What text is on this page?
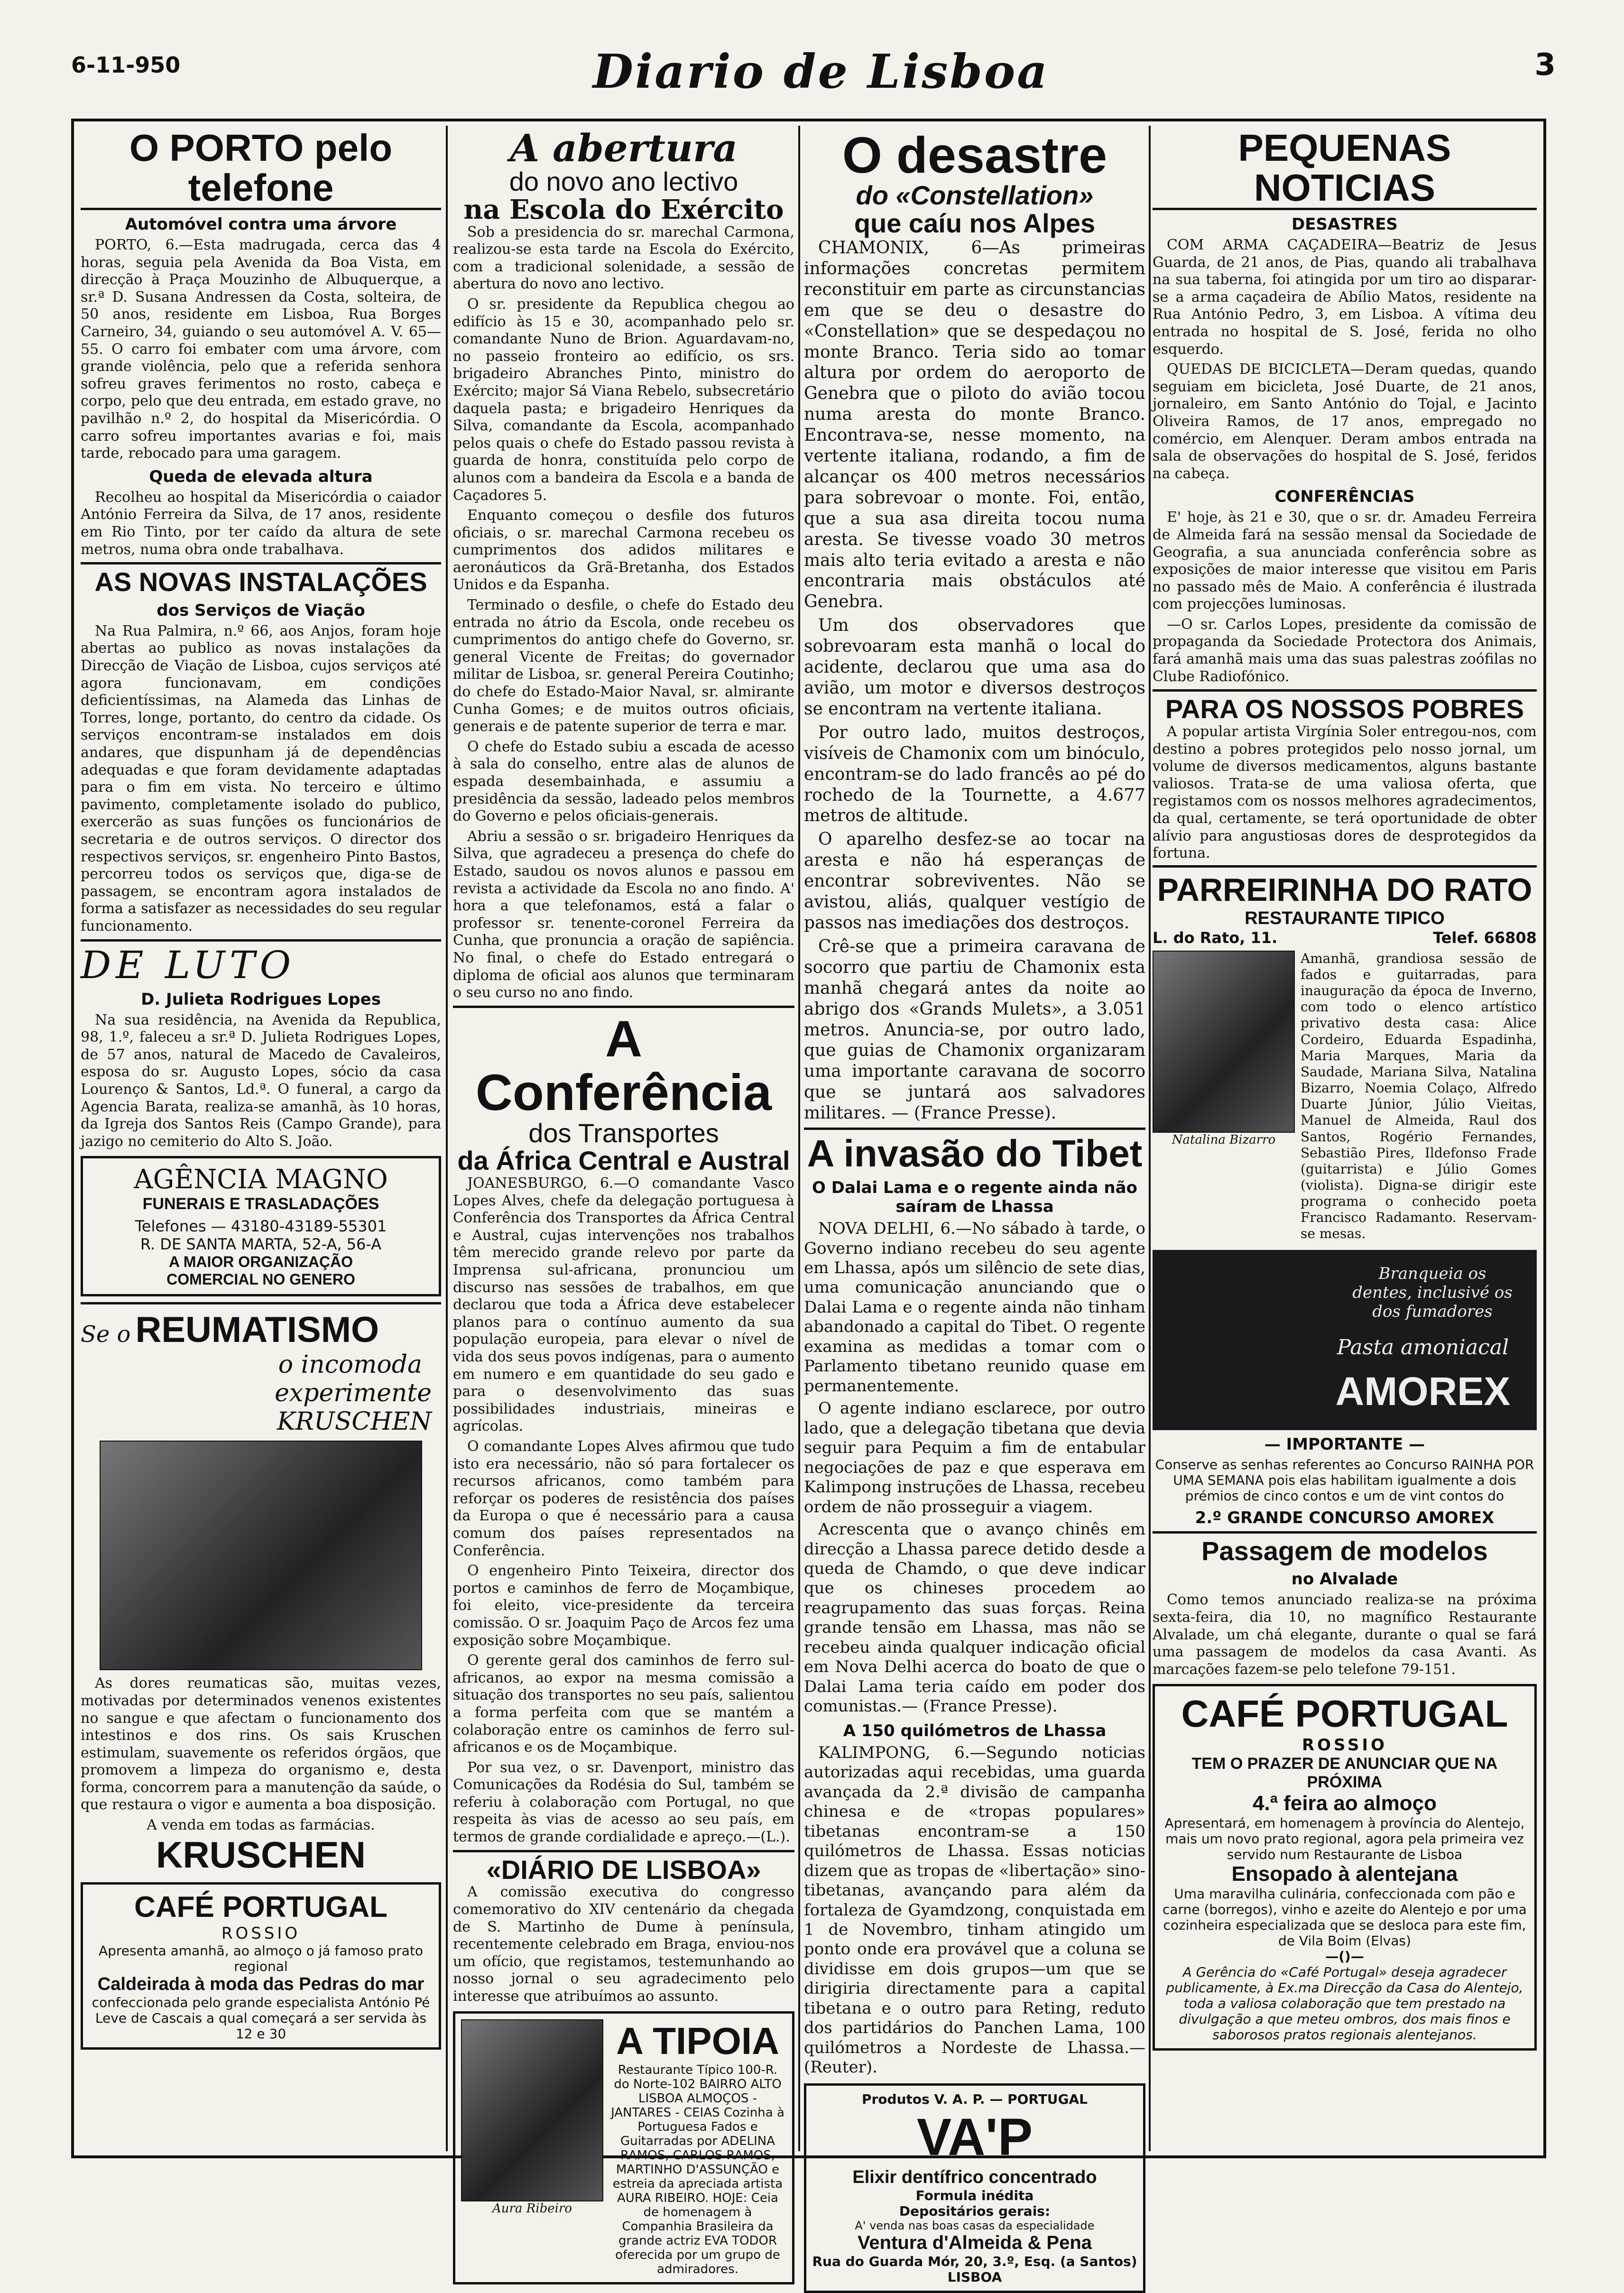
6-11-950	Diario de Lisboa	3
O PORTO pelo telefone
Automóvel contra uma árvore

PORTO, 6.—Esta madrugada, cerca das 4 horas, seguia pela Avenida da Boa Vista, em direcção à Praça Mouzinho de Albuquerque, a sr.ª D. Susana Andressen da Costa, solteira, de 50 anos, residente em Lisboa, Rua Borges Carneiro, 34, guiando o seu automóvel A. V. 65—55. O carro foi embater com uma árvore, com grande violência, pelo que a referida senhora sofreu graves ferimentos no rosto, cabeça e corpo, pelo que deu entrada, em estado grave, no pavilhão n.º 2, do hospital da Misericórdia. O carro sofreu importantes avarias e foi, mais tarde, rebocado para uma garagem.

Queda de elevada altura

Recolheu ao hospital da Misericórdia o caiador António Ferreira da Silva, de 17 anos, residente em Rio Tinto, por ter caído da altura de sete metros, numa obra onde trabalhava.

AS NOVAS INSTALAÇÕES
dos Serviços de Viação

Na Rua Palmira, n.º 66, aos Anjos, foram hoje abertas ao publico as novas instalações da Direcção de Viação de Lisboa, cujos serviços até agora funcionavam, em condições deficientíssimas, na Alameda das Linhas de Torres, longe, portanto, do centro da cidade. Os serviços encontram-se instalados em dois andares, que dispunham já de dependências adequadas e que foram devidamente adaptadas para o fim em vista. No terceiro e último pavimento, completamente isolado do publico, exercerão as suas funções os funcionários de secretaria e de outros serviços. O director dos respectivos serviços, sr. engenheiro Pinto Bastos, percorreu todos os serviços que, diga-se de passagem, se encontram agora instalados de forma a satisfazer as necessidades do seu regular funcionamento.

DE LUTO
D. Julieta Rodrigues Lopes

Na sua residência, na Avenida da Republica, 98, 1.º, faleceu a sr.ª D. Julieta Rodrigues Lopes, de 57 anos, natural de Macedo de Cavaleiros, esposa do sr. Augusto Lopes, sócio da casa Lourenço & Santos, Ld.ª. O funeral, a cargo da Agencia Barata, realiza-se amanhã, às 10 horas, da Igreja dos Santos Reis (Campo Grande), para jazigo no cemiterio do Alto S. João.

AGÊNCIA MAGNO
FUNERAIS E TRASLADAÇÕES
Telefones — 43180-43189-55301
R. DE SANTA MARTA, 52-A, 56-A
A MAIOR ORGANIZAÇÃO
COMERCIAL NO GENERO
Se o REUMATISMO
o incomoda
experimente
KRUSCHEN

As dores reumaticas são, muitas vezes, motivadas por determinados venenos existentes no sangue e que afectam o funcionamento dos intestinos e dos rins. Os sais Kruschen estimulam, suavemente os referidos órgãos, que promovem a limpeza do organismo e, desta forma, concorrem para a manutenção da saúde, o que restaura o vigor e aumenta a boa disposição.

A venda em todas as farmácias.
KRUSCHEN
CAFÉ PORTUGAL
ROSSIO
Apresenta amanhã, ao almoço o já famoso prato regional
Caldeirada à moda das Pedras do mar
confeccionada pelo grande especialista António Pé Leve de Cascais a qual começará a ser servida às 12 e 30
A abertura
do novo ano lectivo
na Escola do Exército

Sob a presidencia do sr. marechal Carmona, realizou-se esta tarde na Escola do Exército, com a tradicional solenidade, a sessão de abertura do novo ano lectivo.

O sr. presidente da Republica chegou ao edifício às 15 e 30, acompanhado pelo sr. comandante Nuno de Brion. Aguardavam-no, no passeio fronteiro ao edifício, os srs. brigadeiro Abranches Pinto, ministro do Exército; major Sá Viana Rebelo, subsecretário daquela pasta; e brigadeiro Henriques da Silva, comandante da Escola, acompanhado pelos quais o chefe do Estado passou revista à guarda de honra, constituída pelo corpo de alunos com a bandeira da Escola e a banda de Caçadores 5.

Enquanto começou o desfile dos futuros oficiais, o sr. marechal Carmona recebeu os cumprimentos dos adidos militares e aeronáuticos da Grã-Bretanha, dos Estados Unidos e da Espanha.

Terminado o desfile, o chefe do Estado deu entrada no átrio da Escola, onde recebeu os cumprimentos do antigo chefe do Governo, sr. general Vicente de Freitas; do governador militar de Lisboa, sr. general Pereira Coutinho; do chefe do Estado-Maior Naval, sr. almirante Cunha Gomes; e de muitos outros oficiais, generais e de patente superior de terra e mar.

O chefe do Estado subiu a escada de acesso à sala do conselho, entre alas de alunos de espada desembainhada, e assumiu a presidência da sessão, ladeado pelos membros do Governo e pelos oficiais-generais.

Abriu a sessão o sr. brigadeiro Henriques da Silva, que agradeceu a presença do chefe do Estado, saudou os novos alunos e passou em revista a actividade da Escola no ano findo. A' hora a que telefonamos, está a falar o professor sr. tenente-coronel Ferreira da Cunha, que pronuncia a oração de sapiência. No final, o chefe do Estado entregará o diploma de oficial aos alunos que terminaram o seu curso no ano findo.

A Conferência
dos Transportes
da África Central e Austral

JOANESBURGO, 6.—O comandante Vasco Lopes Alves, chefe da delegação portuguesa à Conferência dos Transportes da África Central e Austral, cujas intervenções nos trabalhos têm merecido grande relevo por parte da Imprensa sul-africana, pronunciou um discurso nas sessões de trabalhos, em que declarou que toda a África deve estabelecer planos para o contínuo aumento da sua população europeia, para elevar o nível de vida dos seus povos indígenas, para o aumento em numero e em quantidade do seu gado e para o desenvolvimento das suas possibilidades industriais, mineiras e agrícolas.

O comandante Lopes Alves afirmou que tudo isto era necessário, não só para fortalecer os recursos africanos, como também para reforçar os poderes de resistência dos países da Europa o que é necessário para a causa comum dos países representados na Conferência.

O engenheiro Pinto Teixeira, director dos portos e caminhos de ferro de Moçambique, foi eleito, vice-presidente da terceira comissão. O sr. Joaquim Paço de Arcos fez uma exposição sobre Moçambique.

O gerente geral dos caminhos de ferro sul-africanos, ao expor na mesma comissão a situação dos transportes no seu país, salientou a forma perfeita com que se mantém a colaboração entre os caminhos de ferro sul-africanos e os de Moçambique.

Por sua vez, o sr. Davenport, ministro das Comunicações da Rodésia do Sul, também se referiu à colaboração com Portugal, no que respeita às vias de acesso ao seu país, em termos de grande cordialidade e apreço.—(L.).

«DIÁRIO DE LISBOA»

A comissão executiva do congresso comemorativo do XIV centenário da chegada de S. Martinho de Dume à península, recentemente celebrado em Braga, enviou-nos um ofício, que registamos, testemunhando ao nosso jornal o seu agradecimento pelo interesse que atribuímos ao assunto.

Aura Ribeiro
A TIPOIA
Restaurante Típico 100-R. do Norte-102 BAIRRO ALTO LISBOA ALMOÇOS - JANTARES - CEIAS Cozinha à Portuguesa Fados e Guitarradas por ADELINA RAMOS, CARLOS RAMOS, MARTINHO D'ASSUNÇÃO e estreia da apreciada artista AURA RIBEIRO. HOJE: Ceia de homenagem à Companhia Brasileira da grande actriz EVA TODOR oferecida por um grupo de admiradores.
O desastre
do «Constellation»
que caíu nos Alpes

CHAMONIX, 6—As primeiras informações concretas permitem reconstituir em parte as circunstancias em que se deu o desastre do «Constellation» que se despedaçou no monte Branco. Teria sido ao tomar altura por ordem do aeroporto de Genebra que o piloto do avião tocou numa aresta do monte Branco. Encontrava-se, nesse momento, na vertente italiana, rodando, a fim de alcançar os 400 metros necessários para sobrevoar o monte. Foi, então, que a sua asa direita tocou numa aresta. Se tivesse voado 30 metros mais alto teria evitado a aresta e não encontraria mais obstáculos até Genebra.

Um dos observadores que sobrevoaram esta manhã o local do acidente, declarou que uma asa do avião, um motor e diversos destroços se encontram na vertente italiana.

Por outro lado, muitos destroços, visíveis de Chamonix com um binóculo, encontram-se do lado francês ao pé do rochedo de la Tournette, a 4.677 metros de altitude.

O aparelho desfez-se ao tocar na aresta e não há esperanças de encontrar sobreviventes. Não se avistou, aliás, qualquer vestígio de passos nas imediações dos destroços.

Crê-se que a primeira caravana de socorro que partiu de Chamonix esta manhã chegará antes da noite ao abrigo dos «Grands Mulets», a 3.051 metros. Anuncia-se, por outro lado, que guias de Chamonix organizaram uma importante caravana de socorro que se juntará aos salvadores militares. — (France Presse).

A invasão do Tibet
O Dalai Lama e o regente ainda não saíram de Lhassa

NOVA DELHI, 6.—No sábado à tarde, o Governo indiano recebeu do seu agente em Lhassa, após um silêncio de sete dias, uma comunicação anunciando que o Dalai Lama e o regente ainda não tinham abandonado a capital do Tibet. O regente examina as medidas a tomar com o Parlamento tibetano reunido quase em permanentemente.

O agente indiano esclarece, por outro lado, que a delegação tibetana que devia seguir para Pequim a fim de entabular negociações de paz e que esperava em Kalimpong instruções de Lhassa, recebeu ordem de não prosseguir a viagem.

Acrescenta que o avanço chinês em direcção a Lhassa parece detido desde a queda de Chamdo, o que deve indicar que os chineses procedem ao reagrupamento das suas forças. Reina grande tensão em Lhassa, mas não se recebeu ainda qualquer indicação oficial em Nova Delhi acerca do boato de que o Dalai Lama teria caído em poder dos comunistas.— (France Presse).

A 150 quilómetros de Lhassa

KALIMPONG, 6.—Segundo noticias autorizadas aqui recebidas, uma guarda avançada da 2.ª divisão de campanha chinesa e de «tropas populares» tibetanas encontram-se a 150 quilómetros de Lhassa. Essas noticias dizem que as tropas de «libertação» sino-tibetanas, avançando para além da fortaleza de Gyamdzong, conquistada em 1 de Novembro, tinham atingido um ponto onde era provável que a coluna se dividisse em dois grupos—um que se dirigiria directamente para a capital tibetana e o outro para Reting, reduto dos partidários do Panchen Lama, 100 quilómetros a Nordeste de Lhassa.— (Reuter).

Produtos V. A. P. — PORTUGAL
VA'P
Elixir dentífrico concentrado
Formula inédita
Depositários gerais:
A' venda nas boas casas da especialidade
Ventura d'Almeida & Pena
Rua do Guarda Mór, 20, 3.º, Esq. (a Santos) LISBOA
PEQUENAS NOTICIAS
DESASTRES

COM ARMA CAÇADEIRA—Beatriz de Jesus Guarda, de 21 anos, de Pias, quando ali trabalhava na sua taberna, foi atingida por um tiro ao disparar-se a arma caçadeira de Abílio Matos, residente na Rua António Pedro, 3, em Lisboa. A vítima deu entrada no hospital de S. José, ferida no olho esquerdo.

QUEDAS DE BICICLETA—Deram quedas, quando seguiam em bicicleta, José Duarte, de 21 anos, jornaleiro, em Santo António do Tojal, e Jacinto Oliveira Ramos, de 17 anos, empregado no comércio, em Alenquer. Deram ambos entrada na sala de observações do hospital de S. José, feridos na cabeça.

CONFERÊNCIAS

E' hoje, às 21 e 30, que o sr. dr. Amadeu Ferreira de Almeida fará na sessão mensal da Sociedade de Geografia, a sua anunciada conferência sobre as exposições de maior interesse que visitou em Paris no passado mês de Maio. A conferência é ilustrada com projecções luminosas.

—O sr. Carlos Lopes, presidente da comissão de propaganda da Sociedade Protectora dos Animais, fará amanhã mais uma das suas palestras zoófilas no Clube Radiofónico.

PARA OS NOSSOS POBRES

A popular artista Virgínia Soler entregou-nos, com destino a pobres protegidos pelo nosso jornal, um volume de diversos medicamentos, alguns bastante valiosos. Trata-se de uma valiosa oferta, que registamos com os nossos melhores agradecimentos, da qual, certamente, se terá oportunidade de obter alívio para angustiosas dores de desprotegidos da fortuna.

PARREIRINHA DO RATO
RESTAURANTE TIPICO
L. do Rato, 11.	Telef. 66808
Natalina Bizarro

Amanhã, grandiosa sessão de fados e guitarradas, para inauguração da época de Inverno, com todo o elenco artístico privativo desta casa: Alice Cordeiro, Eduarda Espadinha, Maria Marques, Maria da Saudade, Mariana Silva, Natalina Bizarro, Noemia Colaço, Alfredo Duarte Júnior, Júlio Vieitas, Manuel de Almeida, Raul dos Santos, Rogério Fernandes, Sebastião Pires, Ildefonso Frade (guitarrista) e Júlio Gomes (violista). Digna-se dirigir este programa o conhecido poeta Francisco Radamanto. Reservam-se mesas.

Branqueia os dentes, inclusivé os dos fumadores
Pasta amoniacal
AMOREX
— IMPORTANTE —
Conserve as senhas referentes ao Concurso RAINHA POR UMA SEMANA pois elas habilitam igualmente a dois prémios de cinco contos e um de vint contos do
2.º GRANDE CONCURSO AMOREX
Passagem de modelos
no Alvalade

Como temos anunciado realiza-se na próxima sexta-feira, dia 10, no magnífico Restaurante Alvalade, um chá elegante, durante o qual se fará uma passagem de modelos da casa Avanti. As marcações fazem-se pelo telefone 79-151.

CAFÉ PORTUGAL
ROSSIO
TEM O PRAZER DE ANUNCIAR QUE NA PRÓXIMA
4.ª feira ao almoço
Apresentará, em homenagem à província do Alentejo, mais um novo prato regional, agora pela primeira vez servido num Restaurante de Lisboa
Ensopado à alentejana
Uma maravilha culinária, confeccionada com pão e carne (borregos), vinho e azeite do Alentejo e por uma cozinheira especializada que se desloca para este fim, de Vila Boim (Elvas)
—()—
A Gerência do «Café Portugal» deseja agradecer publicamente, à Ex.ma Direcção da Casa do Alentejo, toda a valiosa colaboração que tem prestado na divulgação a que meteu ombros, dos mais finos e saborosos pratos regionais alentejanos.
